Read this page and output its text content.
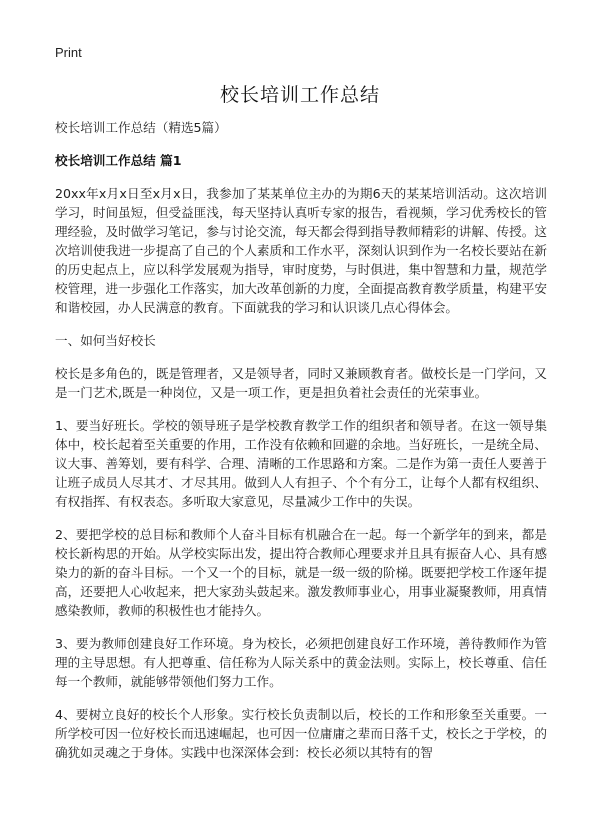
Print
校长培训工作总结

校长培训工作总结（精选5篇）

校长培训工作总结 篇1

20xx年x月x日至x月x日，我参加了某某单位主办的为期6天的某某培训活动。这次培训学习，时间虽短，但受益匪浅，每天坚持认真听专家的报告，看视频，学习优秀校长的管理经验，及时做学习笔记，参与讨论交流，每天都会得到指导教师精彩的讲解、传授。这次培训使我进一步提高了自己的个人素质和工作水平，深刻认识到作为一名校长要站在新的历史起点上，应以科学发展观为指导，审时度势，与时俱进，集中智慧和力量，规范学校管理，进一步强化工作落实，加大改革创新的力度，全面提高教育教学质量，构建平安和谐校园，办人民满意的教育。下面就我的学习和认识谈几点心得体会。

一、如何当好校长

校长是多角色的，既是管理者，又是领导者，同时又兼顾教育者。做校长是一门学问，又是一门艺术,既是一种岗位，又是一项工作，更是担负着社会责任的光荣事业。

1、要当好班长。学校的领导班子是学校教育教学工作的组织者和领导者。在这一领导集体中，校长起着至关重要的作用，工作没有依赖和回避的余地。当好班长，一是统全局、议大事、善筹划，要有科学、合理、清晰的工作思路和方案。二是作为第一责任人要善于让班子成员人尽其才、才尽其用。做到人人有担子、个个有分工，让每个人都有权组织、有权指挥、有权表态。多听取大家意见，尽量减少工作中的失误。

2、要把学校的总目标和教师个人奋斗目标有机融合在一起。每一个新学年的到来，都是校长新构思的开始。从学校实际出发，提出符合教师心理要求并且具有振奋人心、具有感染力的新的奋斗目标。一个又一个的目标，就是一级一级的阶梯。既要把学校工作逐年提高，还要把人心收起来，把大家劲头鼓起来。激发教师事业心，用事业凝聚教师，用真情感染教师，教师的积极性也才能持久。

3、要为教师创建良好工作环境。身为校长，必须把创建良好工作环境，善待教师作为管理的主导思想。有人把尊重、信任称为人际关系中的黄金法则。实际上，校长尊重、信任每一个教师，就能够带领他们努力工作。

4、要树立良好的校长个人形象。实行校长负责制以后，校长的工作和形象至关重要。一所学校可因一位好校长而迅速崛起，也可因一位庸庸之辈而日落千丈，校长之于学校，的确犹如灵魂之于身体。实践中也深深体会到：校长必须以其特有的智
